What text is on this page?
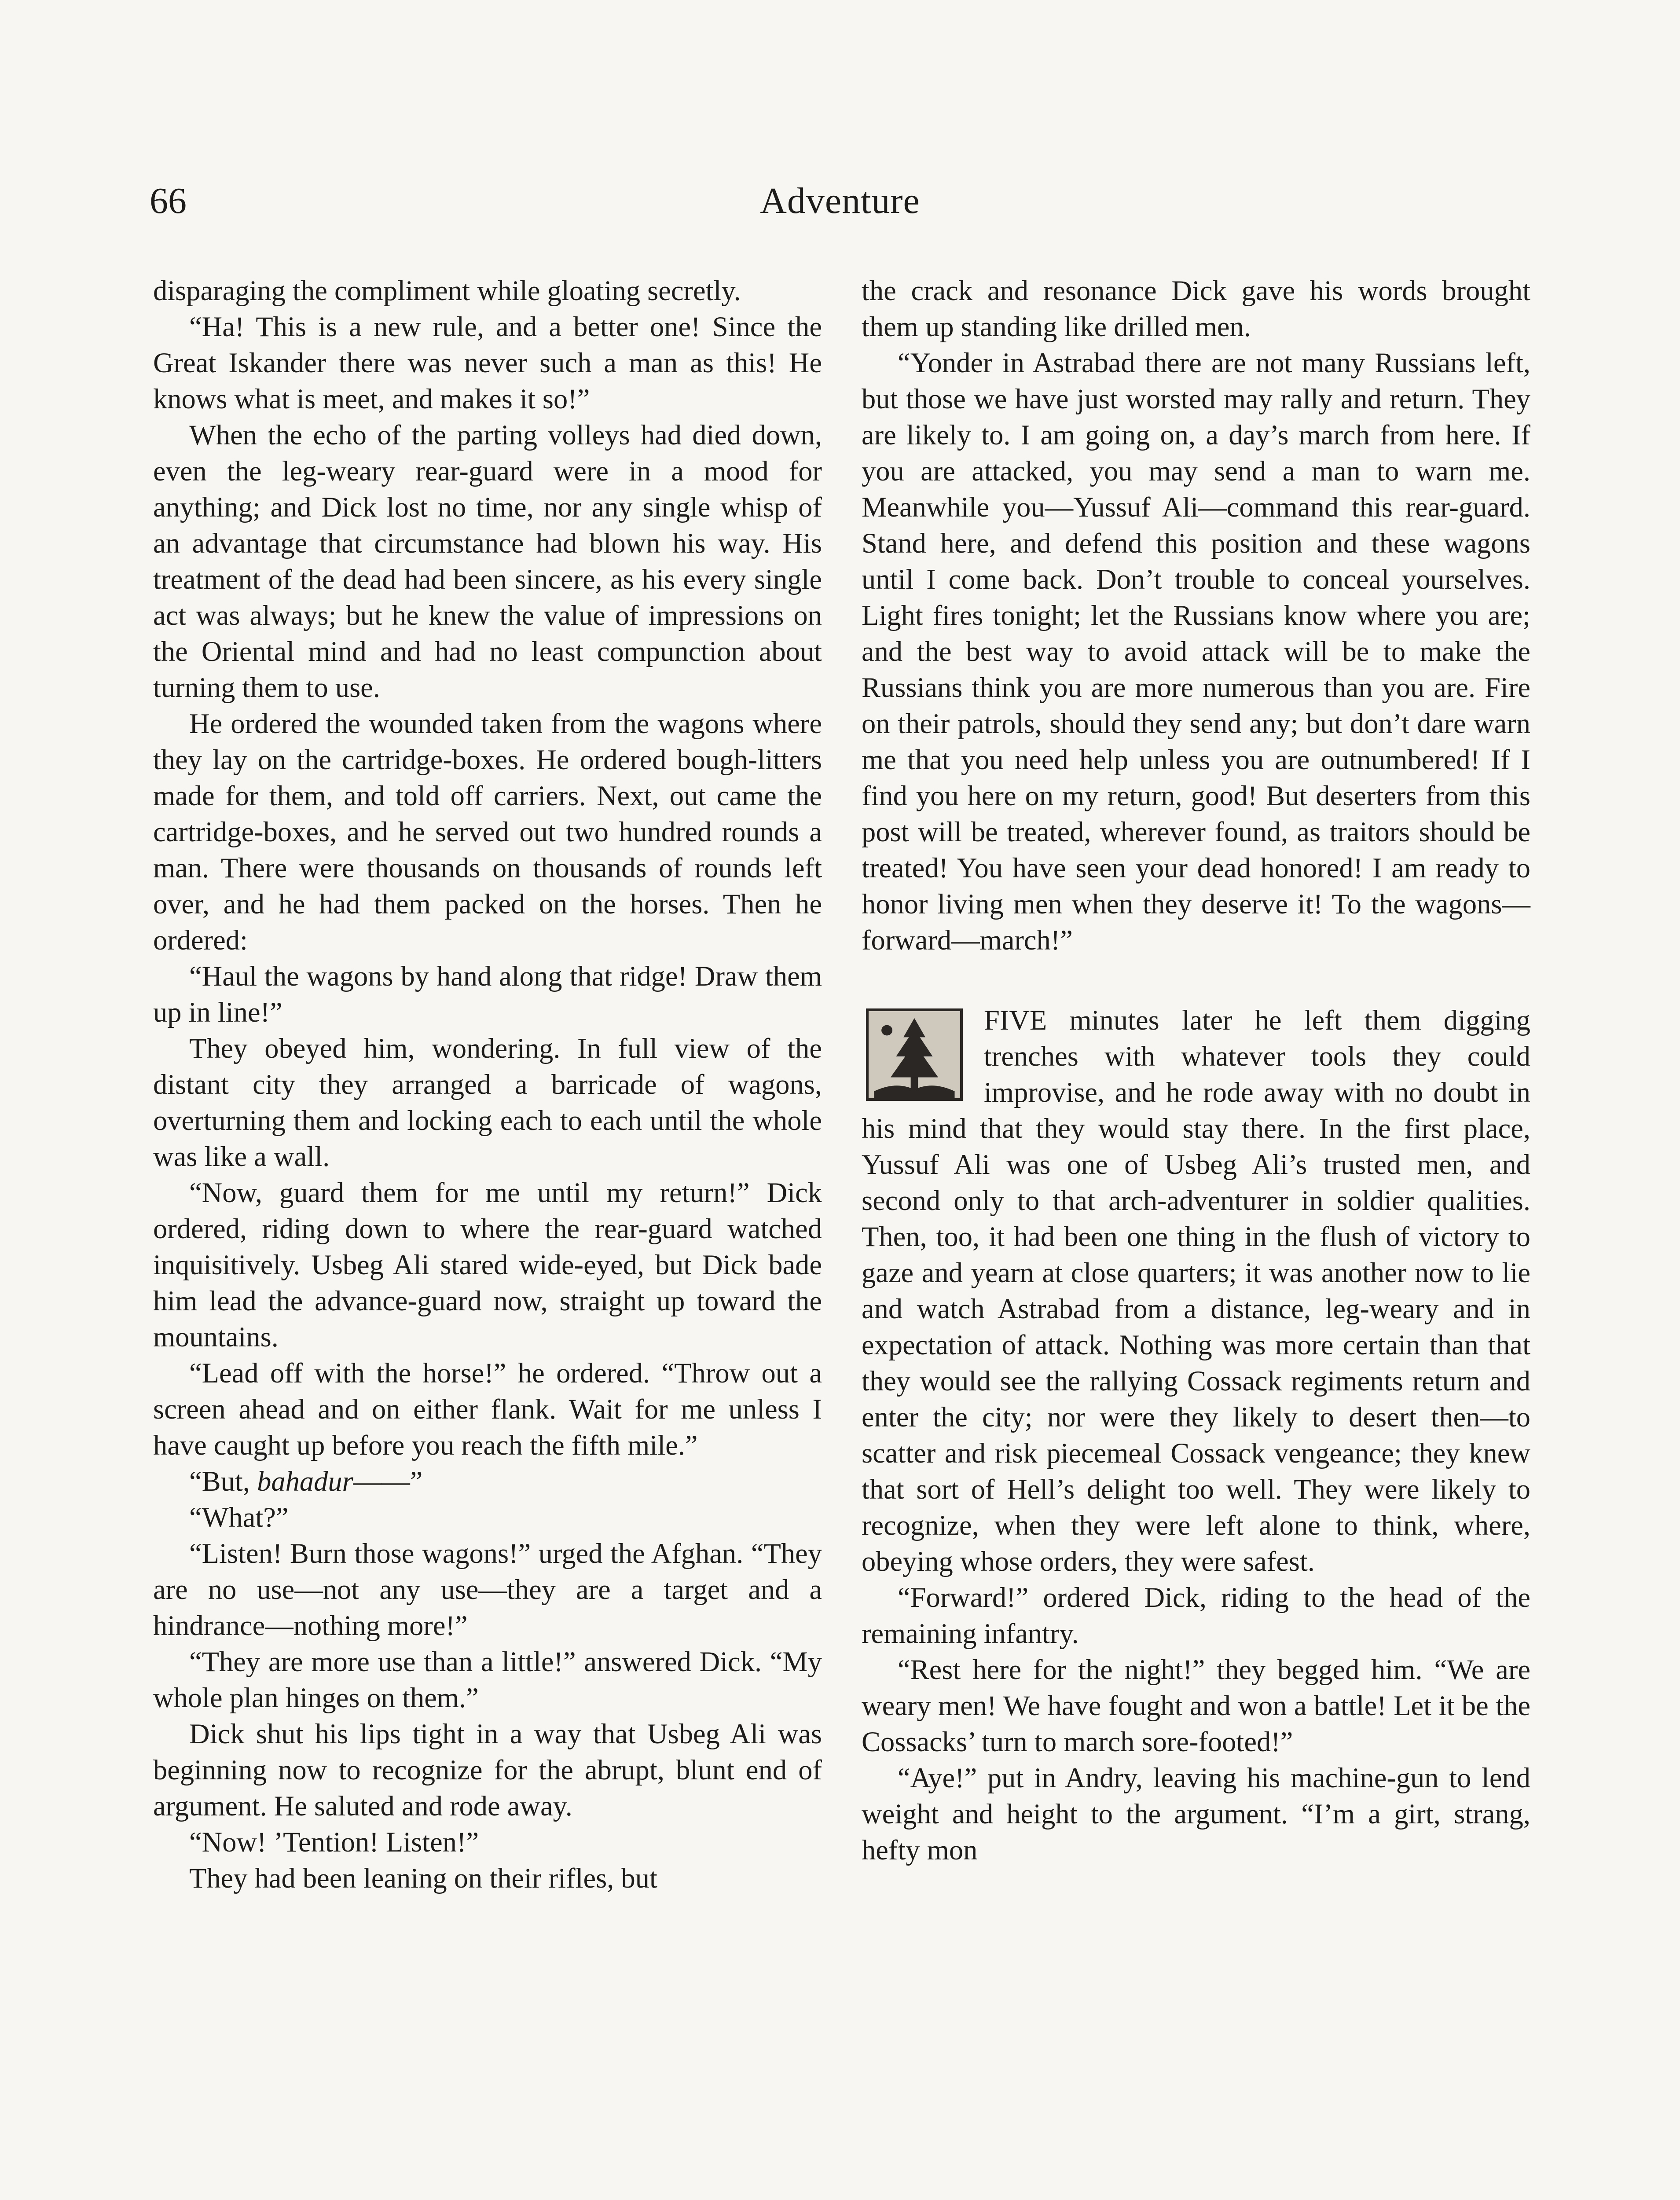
66	Adventure

disparaging the compliment while gloating secretly.

“Ha! This is a new rule, and a better one! Since the Great Iskander there was never such a man as this! He knows what is meet, and makes it so!”

When the echo of the parting volleys had died down, even the leg-weary rear-guard were in a mood for anything; and Dick lost no time, nor any single whisp of an advantage that circumstance had blown his way. His treatment of the dead had been sincere, as his every single act was always; but he knew the value of impressions on the Oriental mind and had no least compunction about turning them to use.

He ordered the wounded taken from the wagons where they lay on the cartridge-boxes. He ordered bough-litters made for them, and told off carriers. Next, out came the cartridge-boxes, and he served out two hundred rounds a man. There were thousands on thousands of rounds left over, and he had them packed on the horses. Then he ordered:

“Haul the wagons by hand along that ridge! Draw them up in line!”

They obeyed him, wondering. In full view of the distant city they arranged a barricade of wagons, overturning them and locking each to each until the whole was like a wall.

“Now, guard them for me until my return!” Dick ordered, riding down to where the rear-guard watched inquisitively. Usbeg Ali stared wide-eyed, but Dick bade him lead the advance-guard now, straight up toward the mountains.

“Lead off with the horse!” he ordered. “Throw out a screen ahead and on either flank. Wait for me unless I have caught up before you reach the fifth mile.”

“But, bahadur——”

“What?”

“Listen! Burn those wagons!” urged the Afghan. “They are no use—not any use—they are a target and a hindrance—nothing more!”

“They are more use than a little!” answered Dick. “My whole plan hinges on them.”

Dick shut his lips tight in a way that Usbeg Ali was beginning now to recognize for the abrupt, blunt end of argument. He saluted and rode away.

“Now! ’Tention! Listen!”

They had been leaning on their rifles, but

the crack and resonance Dick gave his words brought them up standing like drilled men.

“Yonder in Astrabad there are not many Russians left, but those we have just worsted may rally and return. They are likely to. I am going on, a day’s march from here. If you are attacked, you may send a man to warn me. Meanwhile you—Yussuf Ali—command this rear-guard. Stand here, and defend this position and these wagons until I come back. Don’t trouble to conceal yourselves. Light fires tonight; let the Russians know where you are; and the best way to avoid attack will be to make the Russians think you are more numerous than you are. Fire on their patrols, should they send any; but don’t dare warn me that you need help unless you are outnumbered! If I find you here on my return, good! But deserters from this post will be treated, wherever found, as traitors should be treated! You have seen your dead honored! I am ready to honor living men when they deserve it! To the wagons—forward—march!”

FIVE minutes later he left them digging trenches with whatever tools they could improvise, and he rode away with no doubt in his mind that they would stay there. In the first place, Yussuf Ali was one of Usbeg Ali’s trusted men, and second only to that arch-adventurer in soldier qualities. Then, too, it had been one thing in the flush of victory to gaze and yearn at close quarters; it was another now to lie and watch Astrabad from a distance, leg-weary and in expectation of attack. Nothing was more certain than that they would see the rallying Cossack regiments return and enter the city; nor were they likely to desert then—to scatter and risk piecemeal Cossack vengeance; they knew that sort of Hell’s delight too well. They were likely to recognize, when they were left alone to think, where, obeying whose orders, they were safest.

“Forward!” ordered Dick, riding to the head of the remaining infantry.

“Rest here for the night!” they begged him. “We are weary men! We have fought and won a battle! Let it be the Cossacks’ turn to march sore-footed!”

“Aye!” put in Andry, leaving his machine-gun to lend weight and height to the argument. “I’m a girt, strang, hefty mon
